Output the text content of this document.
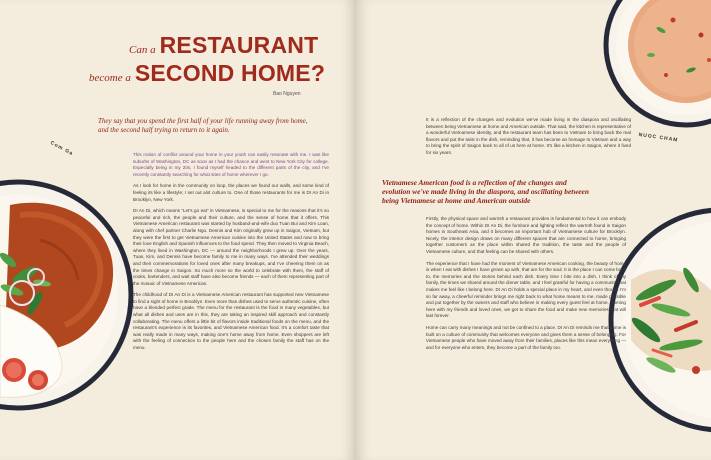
Com Ga
Can a RESTAURANT
become a SECOND HOME?
Bao Nguyen
They say that you spend the first half of your life running away from home, and the second half trying to return to it again.

This notion of conflict around your home in your youth can easily resonate with me. I was like suburbs of Washington, DC as soon as I had the chance and went to New York City for college. Especially being in my 20s, I found myself headed to the different parts of the city, and I’ve recently constantly searching for what sites of home wherever I go.

As I look for home in the community on loop, the places we found our walls, and some kind of feeling its like a lifestyle; I set out alot culture to. One of those restaurants for me is DI An Di in Brooklyn, New York.

DI An Di, which means “Let’s go eat” in Vietnamese, is special to me for the reasons that it’s so peaceful and rich, the people and their culture, and the sense of home that it offers. This Vietnamese American restaurant was started by husband-and-wife duo Tuan Bui and Kim Loan, along with chef partner Charlie Ngo. Dennis and Kim originally grew up in Saigon, Vietnam, but they were the first to get Vietnamese American cuisine into the United States and now to bring their love English and Spanish influences to the food spend. They then moved to Virginia Beach, where they lived in Washington, DC — around the neighborhoods I grew up. Over the years, Tuan, Kim, and Dennis have become family to me in many ways. I’ve attended their weddings and their commemorations for loved ones after many breakups, and I’ve cheering them on as the times change in Saigon. So much more so the world to celebrate with them, the staff of cooks, bartenders, and wait staff have also become friends — each of them representing part of the mosaic of Vietnamese American.

The childhood of DI An Di is a Vietnamese American restaurant has supported new Vietnamese to find a sight of home in Brooklyn. Even more than dishes used to serve authentic cuisine, often have a blended perfect grade. The menu for the restaurant is the food in many vegetables, but what all dishes and uses are in this, they are taking an inspired skill approach and constantly collaborating. The menu offers a little bit of flavors inside traditional foods on the menu, and the restaurant’s experience is its favorites, and Vietnamese American food. It’s a comfort taste that was really made in many ways, making one’s home away from home. Even shoppers are left with the feeling of connection to the people here and the chosen family the staff has on the menu.

NUOC CHAM

It is a reflection of the changes and evolution we’ve made living in the diaspora and oscillating between being Vietnamese at home and American outside. That said, the kitchen is representative of a wonderful Vietnamese identity, and the restaurant team has been to Vietnam to bring back the real flavors and put the twist in the dish, reminding that, it has become an homage to Vietnam and a way to bring the spirit of Saigon back to all of us here at home. It’s like a kitchen in Saigon, where it lived for six years.

Vietnamese American food is a reflection of the changes and evolution we've made living in the diaspora, and oscillating between being Vietnamese at home and American outside

Firstly, the physical space and warmth a restaurant provides is fundamental to how it can embody the concept of home. Within DI An Di, the furniture and lighting reflect the warmth found in Saigon homes in Southeast Asia, and it becomes an important hub of Vietnamese culture for Brooklyn. Nicely, the interior design draws on many different spaces that are connected to home, bringing together customers as the place within shared the tradition, the taste and the people of Vietnamese culture, and that feeling can be shared with others.

The experience that I have had the moment of Vietnamese American cooking, the beauty of home is when I eat with dishes I have grown up with, that are for the soul. It is the place I can come back to, the memories and the stories behind each dish. Every time I bite into a dish, I think of my family, the times we shared around the dinner table, and I feel grateful for having a community that makes me feel like I belong here. DI An Di holds a special place in my heart, and even though I’m so far away, a cheerful reminder brings me right back to what home means to me, made possible and put together by the owners and staff who believe in making every guest feel at home. Coming here with my friends and loved ones, we get to share the food and make new memories that will last forever.

Home can carry many meanings and not be confined to a place. DI An Di reminds me that home is built on a culture of community that welcomes everyone and gives them a sense of belonging. For Vietnamese people who have moved away from their families, places like this mean everything — and for everyone who enters, they become a part of the family too.
